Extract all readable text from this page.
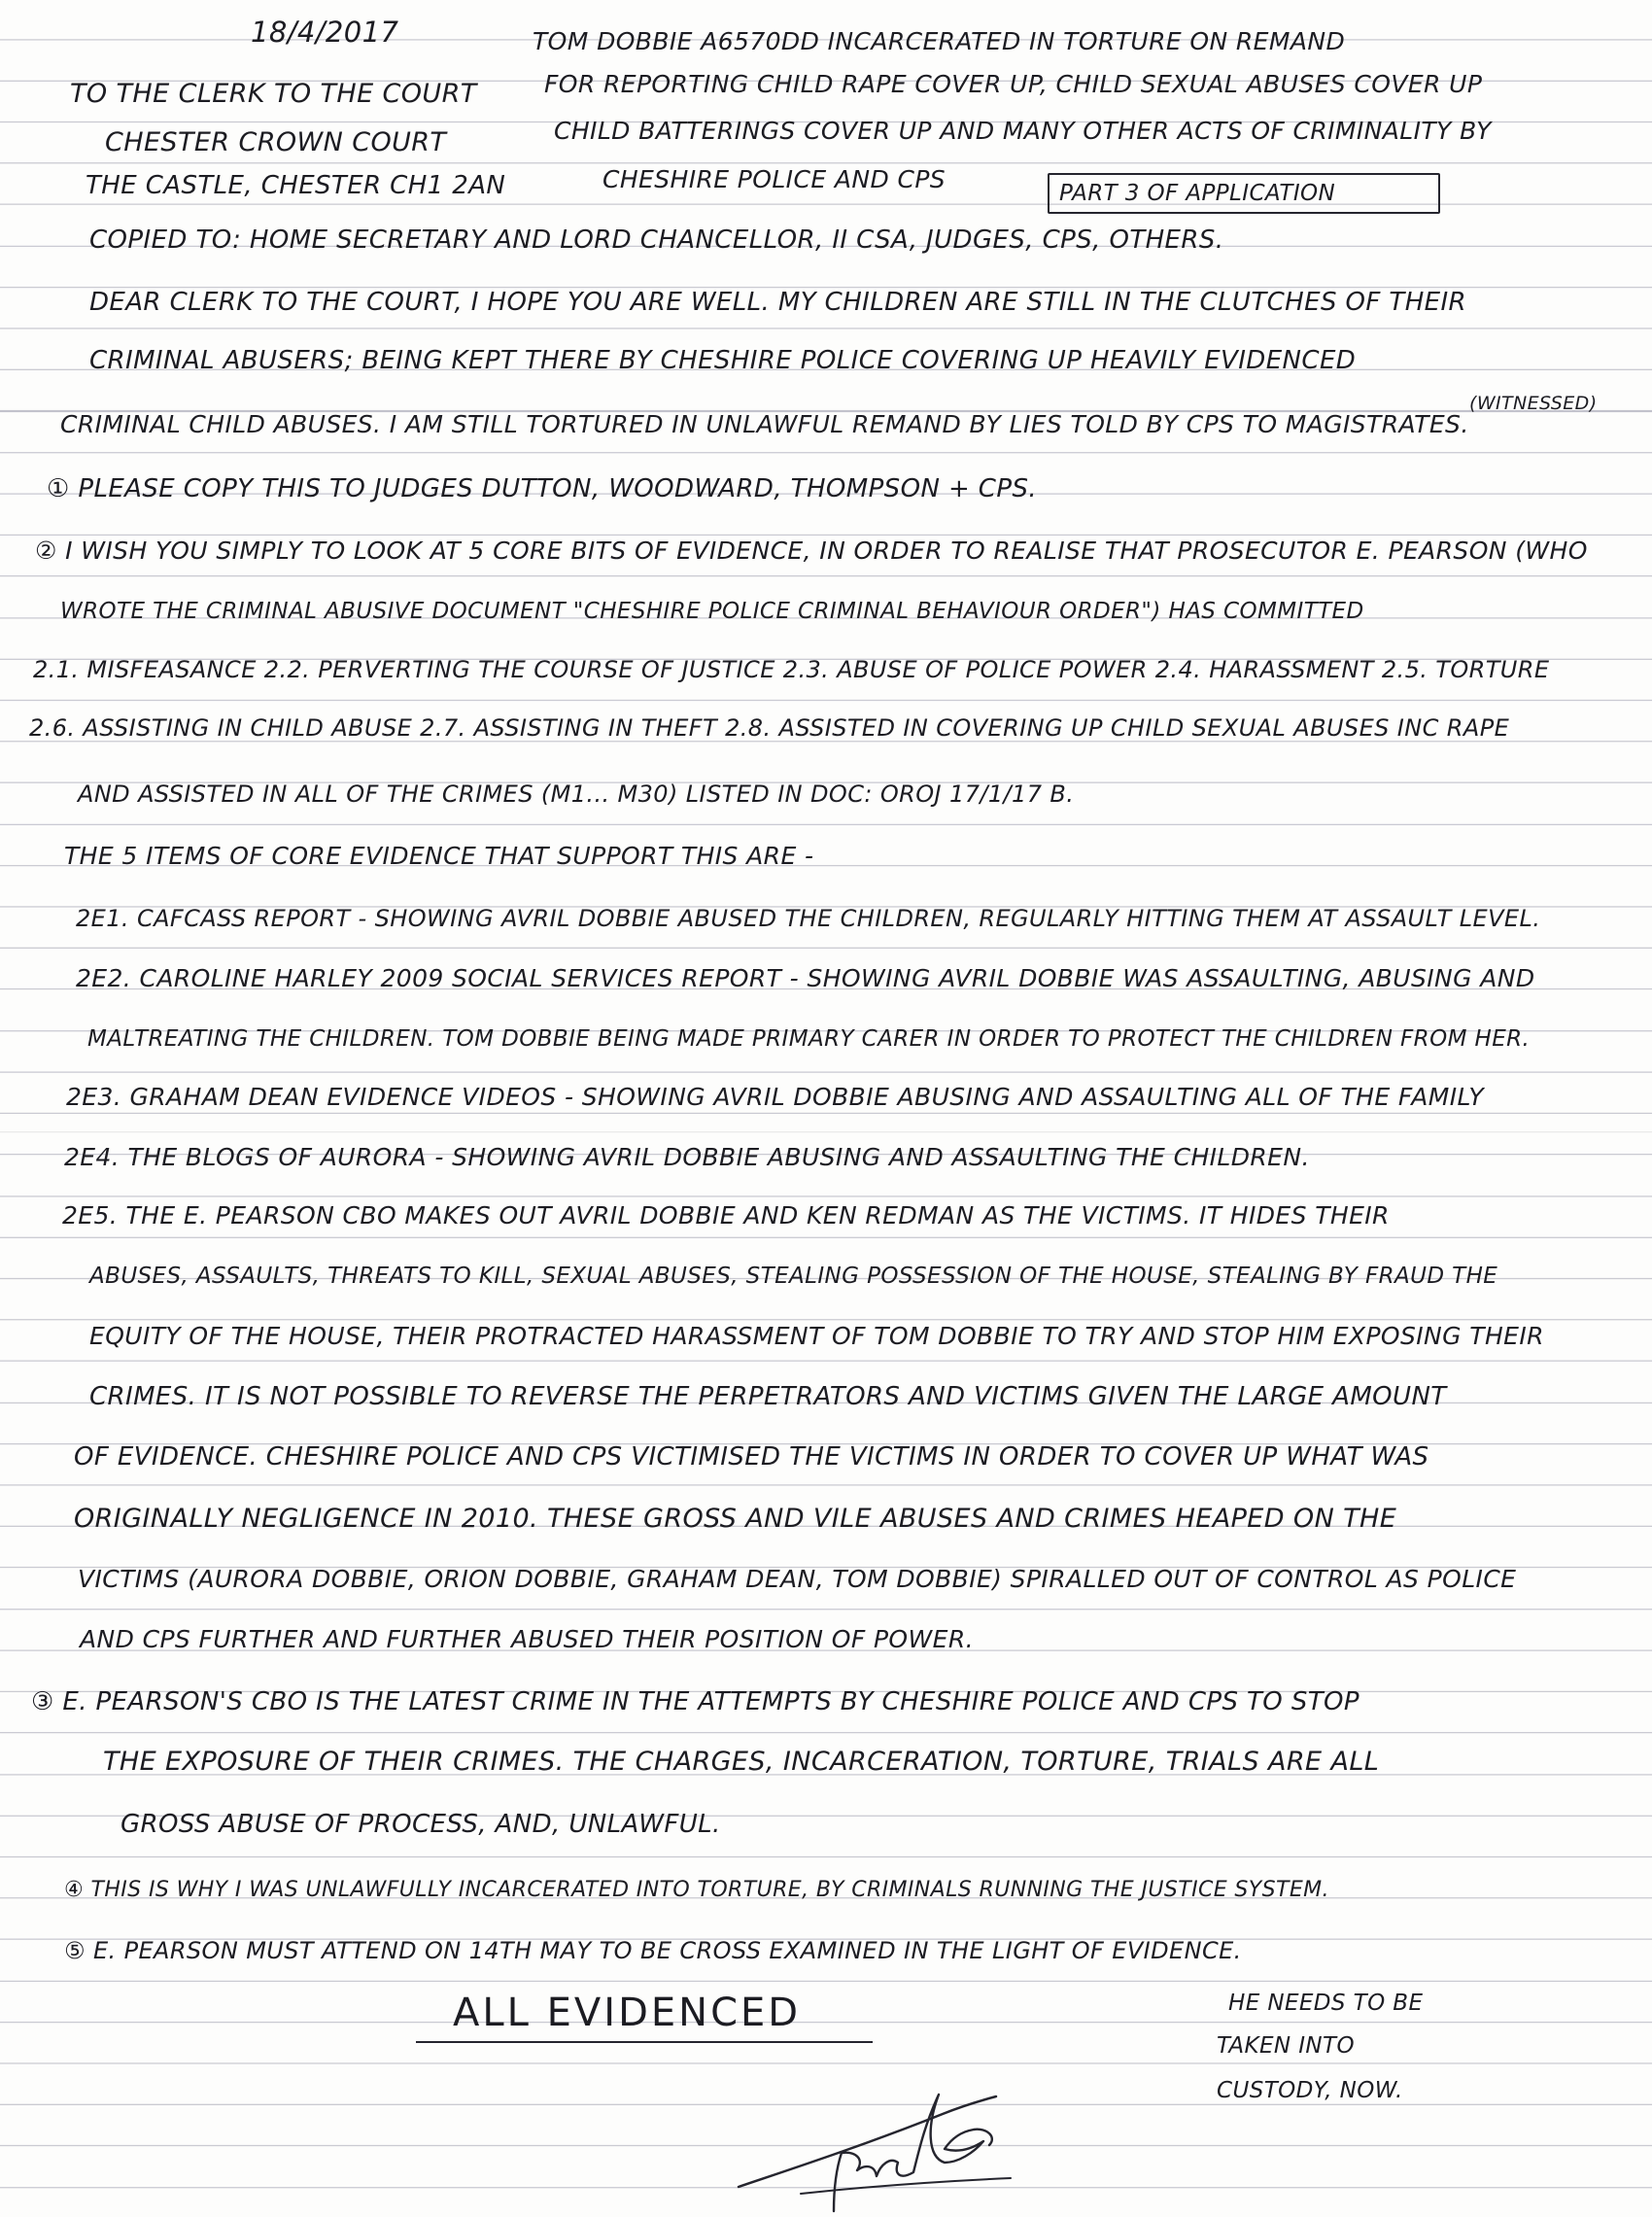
18/4/2017	TOM DOBBIE A6570DD INCARCERATED IN TORTURE ON REMAND
TO THE CLERK TO THE COURT	FOR REPORTING CHILD RAPE COVER UP, CHILD SEXUAL ABUSES COVER UP
CHESTER CROWN COURT	CHILD BATTERINGS COVER UP AND MANY OTHER ACTS OF CRIMINALITY BY
THE CASTLE, CHESTER CH1 2AN	CHESHIRE POLICE AND CPS	PART 3 OF APPLICATION
COPIED TO: HOME SECRETARY AND LORD CHANCELLOR, II CSA, JUDGES, CPS, OTHERS.
DEAR CLERK TO THE COURT, I HOPE YOU ARE WELL. MY CHILDREN ARE STILL IN THE CLUTCHES OF THEIR
CRIMINAL ABUSERS; BEING KEPT THERE BY CHESHIRE POLICE COVERING UP HEAVILY EVIDENCED
(WITNESSED)
CRIMINAL CHILD ABUSES. I AM STILL TORTURED IN UNLAWFUL REMAND BY LIES TOLD BY CPS TO MAGISTRATES.
① PLEASE COPY THIS TO JUDGES DUTTON, WOODWARD, THOMPSON + CPS.
② I WISH YOU SIMPLY TO LOOK AT 5 CORE BITS OF EVIDENCE, IN ORDER TO REALISE THAT PROSECUTOR E. PEARSON (WHO
WROTE THE CRIMINAL ABUSIVE DOCUMENT "CHESHIRE POLICE CRIMINAL BEHAVIOUR ORDER") HAS COMMITTED
2.1. MISFEASANCE 2.2. PERVERTING THE COURSE OF JUSTICE 2.3. ABUSE OF POLICE POWER 2.4. HARASSMENT 2.5. TORTURE
2.6. ASSISTING IN CHILD ABUSE 2.7. ASSISTING IN THEFT 2.8. ASSISTED IN COVERING UP CHILD SEXUAL ABUSES INC RAPE
AND ASSISTED IN ALL OF THE CRIMES (M1... M30) LISTED IN DOC: OROJ 17/1/17 B.
THE 5 ITEMS OF CORE EVIDENCE THAT SUPPORT THIS ARE -
2E1. CAFCASS REPORT - SHOWING AVRIL DOBBIE ABUSED THE CHILDREN, REGULARLY HITTING THEM AT ASSAULT LEVEL.
2E2. CAROLINE HARLEY 2009 SOCIAL SERVICES REPORT - SHOWING AVRIL DOBBIE WAS ASSAULTING, ABUSING AND
MALTREATING THE CHILDREN. TOM DOBBIE BEING MADE PRIMARY CARER IN ORDER TO PROTECT THE CHILDREN FROM HER.
2E3. GRAHAM DEAN EVIDENCE VIDEOS - SHOWING AVRIL DOBBIE ABUSING AND ASSAULTING ALL OF THE FAMILY
2E4. THE BLOGS OF AURORA - SHOWING AVRIL DOBBIE ABUSING AND ASSAULTING THE CHILDREN.
2E5. THE E. PEARSON CBO MAKES OUT AVRIL DOBBIE AND KEN REDMAN AS THE VICTIMS. IT HIDES THEIR
ABUSES, ASSAULTS, THREATS TO KILL, SEXUAL ABUSES, STEALING POSSESSION OF THE HOUSE, STEALING BY FRAUD THE
EQUITY OF THE HOUSE, THEIR PROTRACTED HARASSMENT OF TOM DOBBIE TO TRY AND STOP HIM EXPOSING THEIR
CRIMES. IT IS NOT POSSIBLE TO REVERSE THE PERPETRATORS AND VICTIMS GIVEN THE LARGE AMOUNT
OF EVIDENCE. CHESHIRE POLICE AND CPS VICTIMISED THE VICTIMS IN ORDER TO COVER UP WHAT WAS
ORIGINALLY NEGLIGENCE IN 2010. THESE GROSS AND VILE ABUSES AND CRIMES HEAPED ON THE
VICTIMS (AURORA DOBBIE, ORION DOBBIE, GRAHAM DEAN, TOM DOBBIE) SPIRALLED OUT OF CONTROL AS POLICE
AND CPS FURTHER AND FURTHER ABUSED THEIR POSITION OF POWER.
③ E. PEARSON'S CBO IS THE LATEST CRIME IN THE ATTEMPTS BY CHESHIRE POLICE AND CPS TO STOP
THE EXPOSURE OF THEIR CRIMES. THE CHARGES, INCARCERATION, TORTURE, TRIALS ARE ALL
GROSS ABUSE OF PROCESS, AND, UNLAWFUL.
④ THIS IS WHY I WAS UNLAWFULLY INCARCERATED INTO TORTURE, BY CRIMINALS RUNNING THE JUSTICE SYSTEM.
⑤ E. PEARSON MUST ATTEND ON 14TH MAY TO BE CROSS EXAMINED IN THE LIGHT OF EVIDENCE.
ALL EVIDENCED	HE NEEDS TO BE
TAKEN INTO
CUSTODY, NOW.
